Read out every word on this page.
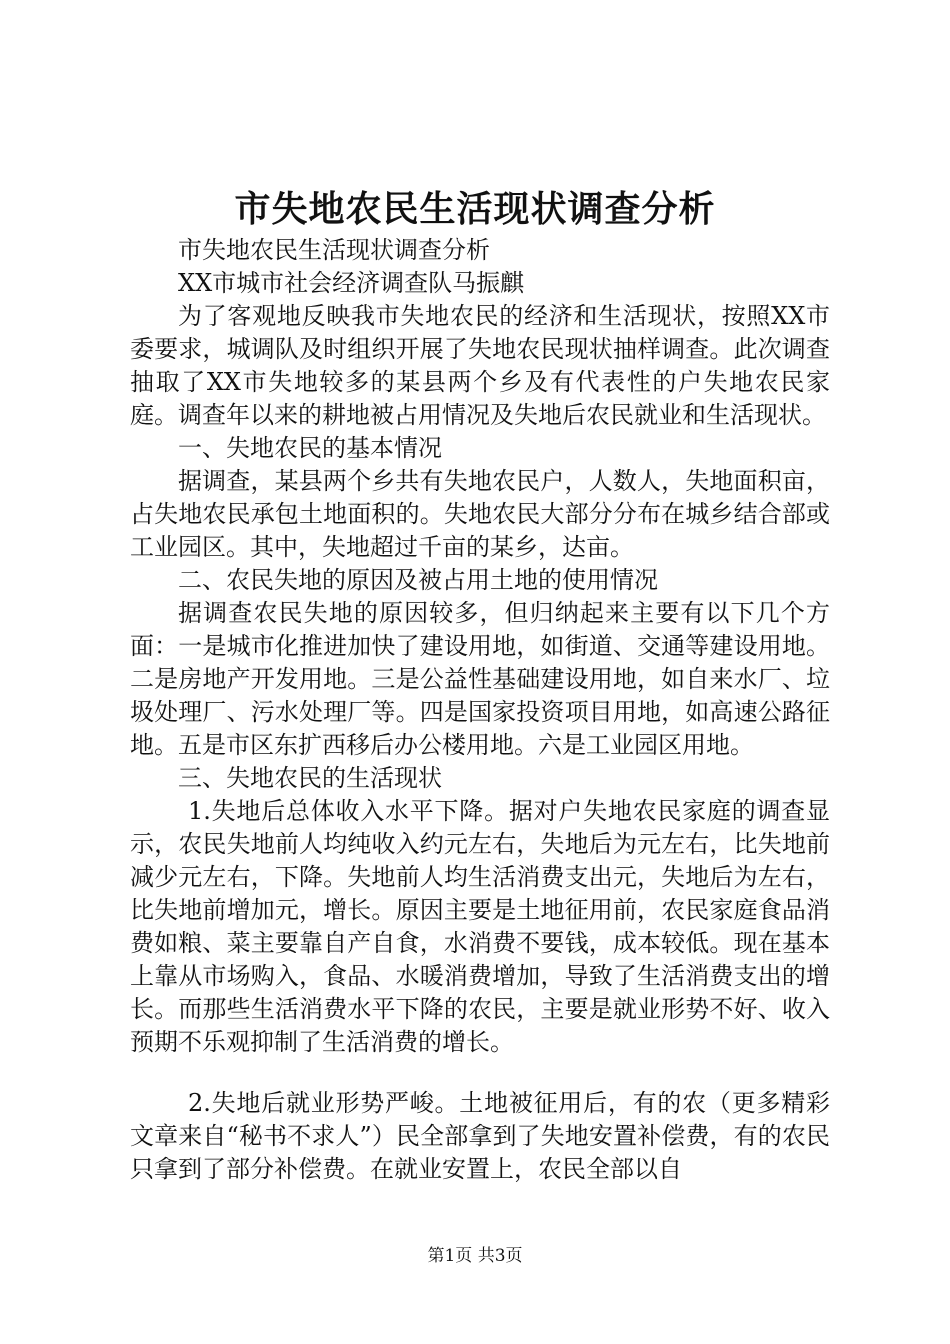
市失地农民生活现状调查分析

市失地农民生活现状调查分析

XX市城市社会经济调查队马振麒

为了客观地反映我市失地农民的经济和生活现状，按照XX市委要求，城调队及时组织开展了失地农民现状抽样调查。此次调查抽取了XX市失地较多的某县两个乡及有代表性的户失地农民家庭。调查年以来的耕地被占用情况及失地后农民就业和生活现状。

一、失地农民的基本情况

据调查，某县两个乡共有失地农民户，人数人，失地面积亩，占失地农民承包土地面积的。失地农民大部分分布在城乡结合部或工业园区。其中，失地超过千亩的某乡，达亩。

二、农民失地的原因及被占用土地的使用情况

据调查农民失地的原因较多，但归纳起来主要有以下几个方面：一是城市化推进加快了建设用地，如街道、交通等建设用地。二是房地产开发用地。三是公益性基础建设用地，如自来水厂、垃圾处理厂、污水处理厂等。四是国家投资项目用地，如高速公路征地。五是市区东扩西移后办公楼用地。六是工业园区用地。

三、失地农民的生活现状

1.失地后总体收入水平下降。据对户失地农民家庭的调查显示，农民失地前人均纯收入约元左右，失地后为元左右，比失地前减少元左右，下降。失地前人均生活消费支出元，失地后为左右，比失地前增加元，增长。原因主要是土地征用前，农民家庭食品消费如粮、菜主要靠自产自食，水消费不要钱，成本较低。现在基本上靠从市场购入，食品、水暖消费增加，导致了生活消费支出的增长。而那些生活消费水平下降的农民，主要是就业形势不好、收入预期不乐观抑制了生活消费的增长。

2.失地后就业形势严峻。土地被征用后，有的农（更多精彩文章来自“秘书不求人”）民全部拿到了失地安置补偿费，有的农民只拿到了部分补偿费。在就业安置上，农民全部以自

第1页 共3页
